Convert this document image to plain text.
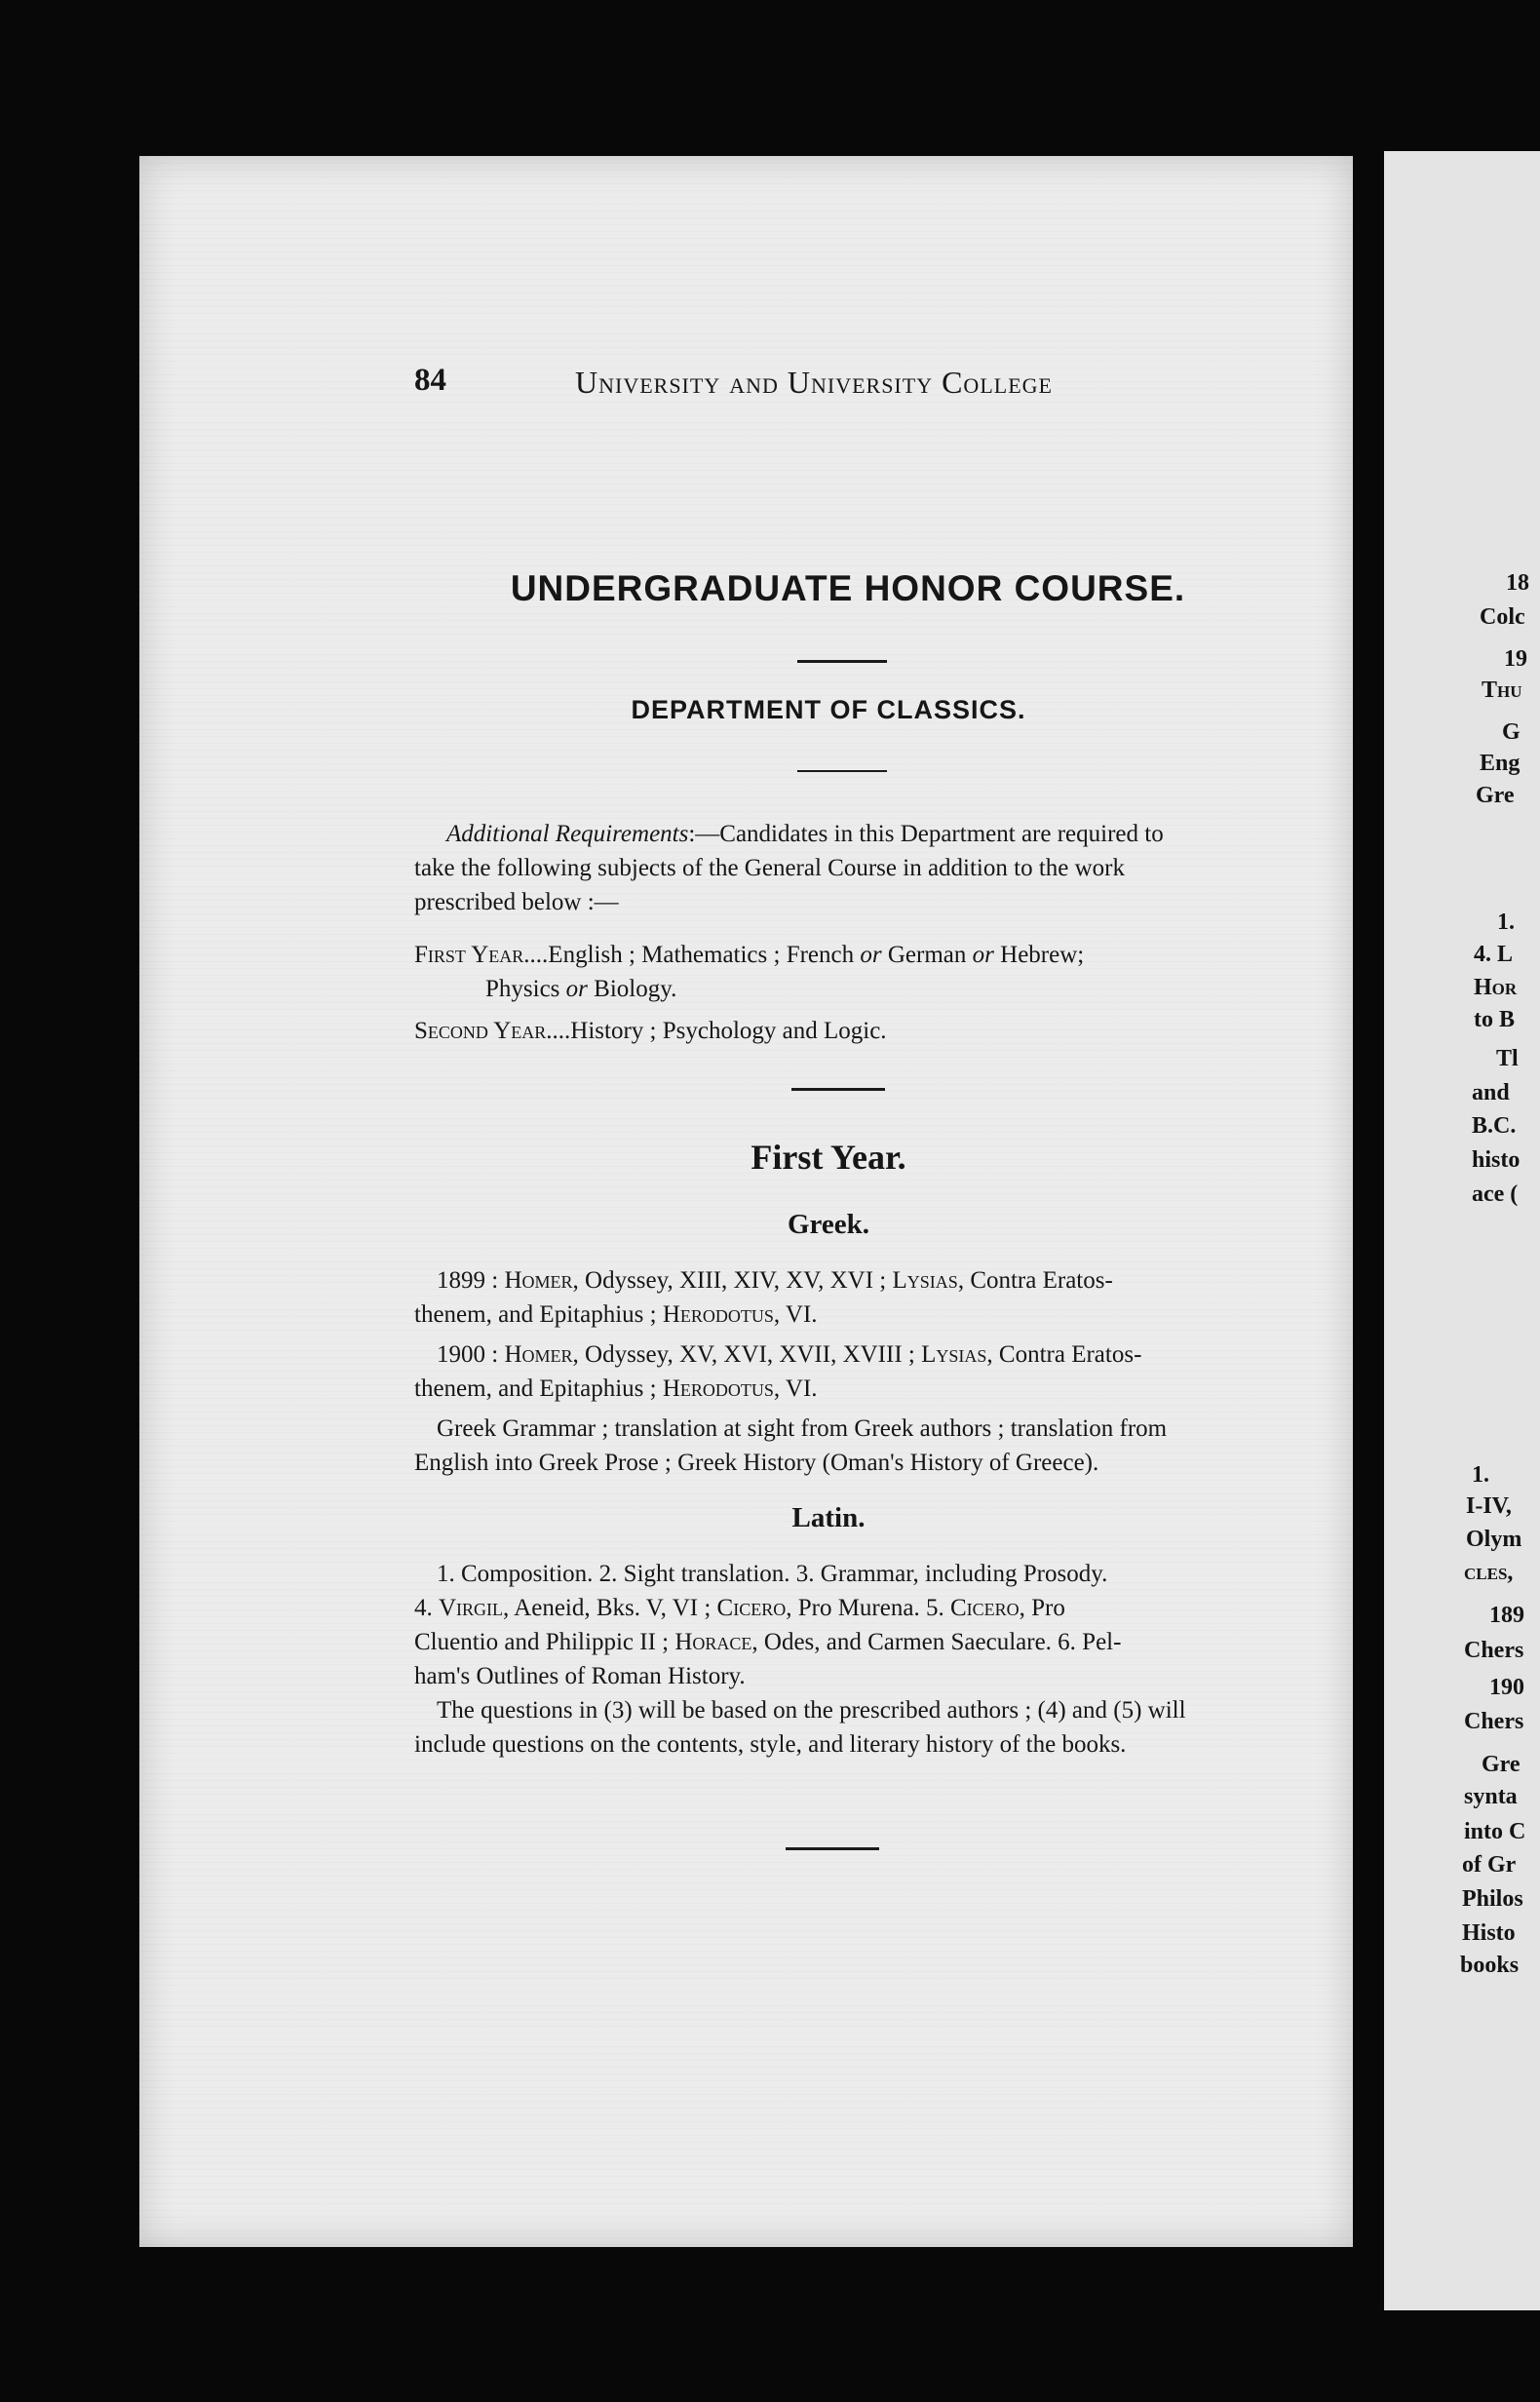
84	University and University College
UNDERGRADUATE HONOR COURSE.
DEPARTMENT OF CLASSICS.
Additional Requirements:—Candidates in this Department are required to
take the following subjects of the General Course in addition to the work
prescribed below :—
First Year....English ; Mathematics ; French or German or Hebrew;
Physics or Biology.
Second Year....History ; Psychology and Logic.
First Year.
Greek.
1899 : Homer, Odyssey, XIII, XIV, XV, XVI ; Lysias, Contra Eratos-
thenem, and Epitaphius ; Herodotus, VI.
1900 : Homer, Odyssey, XV, XVI, XVII, XVIII ; Lysias, Contra Eratos-
thenem, and Epitaphius ; Herodotus, VI.
Greek Grammar ; translation at sight from Greek authors ; translation from
English into Greek Prose ; Greek History (Oman's History of Greece).
Latin.
1. Composition. 2. Sight translation. 3. Grammar, including Prosody.
4. Virgil, Aeneid, Bks. V, VI ; Cicero, Pro Murena. 5. Cicero, Pro
Cluentio and Philippic II ; Horace, Odes, and Carmen Saeculare. 6. Pel-
ham's Outlines of Roman History.
The questions in (3) will be based on the prescribed authors ; (4) and (5) will
include questions on the contents, style, and literary history of the books.
18
Colc
19
Thu
G
Eng
Gre
1.
4. L
Hor
to B
Tl
and
B.C.
histo
ace (
1.
I-IV,
Olym
cles,
189
Chers
190
Chers
Gre
synta
into C
of Gr
Philos
Histo
books
